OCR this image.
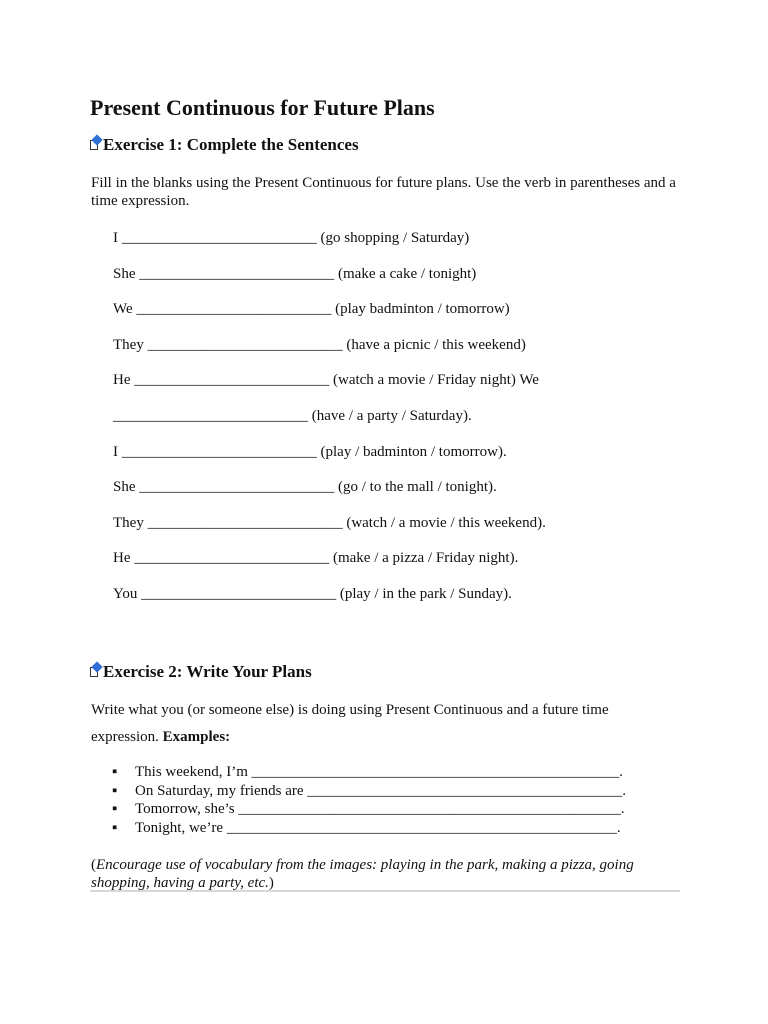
Present Continuous for Future Plans
Exercise 1: Complete the Sentences

Fill in the blanks using the Present Continuous for future plans. Use the verb in parentheses and a time expression.

I __________________________ (go shopping / Saturday)
She __________________________ (make a cake / tonight)
We __________________________ (play badminton / tomorrow)
They __________________________ (have a picnic / this weekend)
He __________________________ (watch a movie / Friday night) We
__________________________ (have / a party / Saturday).
I __________________________ (play / badminton / tomorrow).
She __________________________ (go / to the mall / tonight).
They __________________________ (watch / a movie / this weekend).
He __________________________ (make / a pizza / Friday night).
You __________________________ (play / in the park / Sunday).
Exercise 2: Write Your Plans

Write what you (or someone else) is doing using Present Continuous and a future time

expression. Examples:

▪ This weekend, I’m _________________________________________________.
▪ On Saturday, my friends are __________________________________________.
▪ Tomorrow, she’s ___________________________________________________.
▪ Tonight, we’re ____________________________________________________.

(Encourage use of vocabulary from the images: playing in the park, making a pizza, going shopping, having a party, etc.)
